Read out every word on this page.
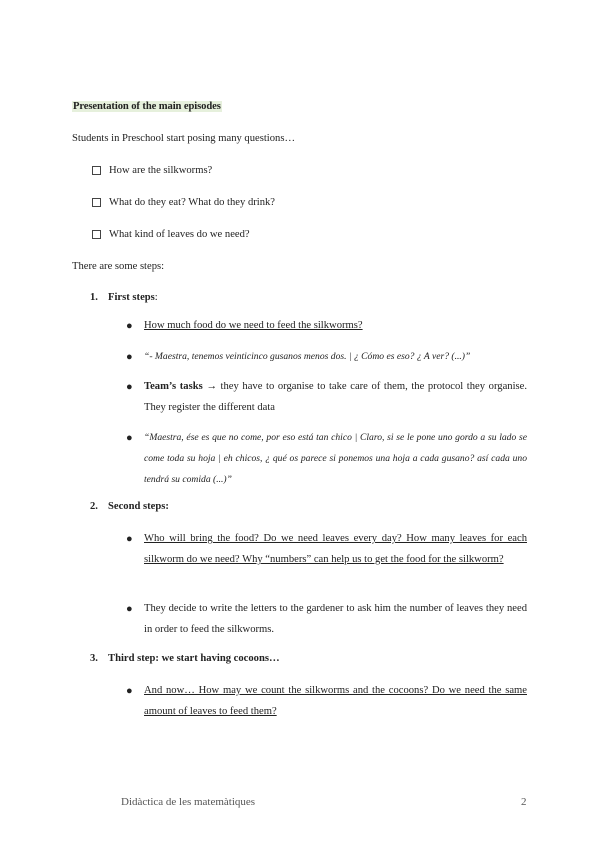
Presentation of the main episodes
Students in Preschool start posing many questions…
How are the silkworms?
What do they eat? What do they drink?
What kind of leaves do we need?
There are some steps:
1. First steps:
● How much food do we need to feed the silkworms?
● “- Maestra, tenemos veinticinco gusanos menos dos. | ¿ Cómo es eso? ¿ A ver? (...)”
● Team’s tasks → they have to organise to take care of them, the protocol they organise. They register the different data
● “Maestra, ése es que no come, por eso está tan chico | Claro, si se le pone uno gordo a su lado se come toda su hoja | eh chicos, ¿ qué os parece si ponemos una hoja a cada gusano? así cada uno tendrá su comida (...)”
2. Second steps:
● Who will bring the food? Do we need leaves every day? How many leaves for each silkworm do we need? Why “numbers” can help us to get the food for the silkworm?
● They decide to write the letters to the gardener to ask him the number of leaves they need in order to feed the silkworms.
3. Third step: we start having cocoons…
● And now… How may we count the silkworms and the cocoons? Do we need the same amount of leaves to feed them?
Didàctica de les matemàtiques	2
